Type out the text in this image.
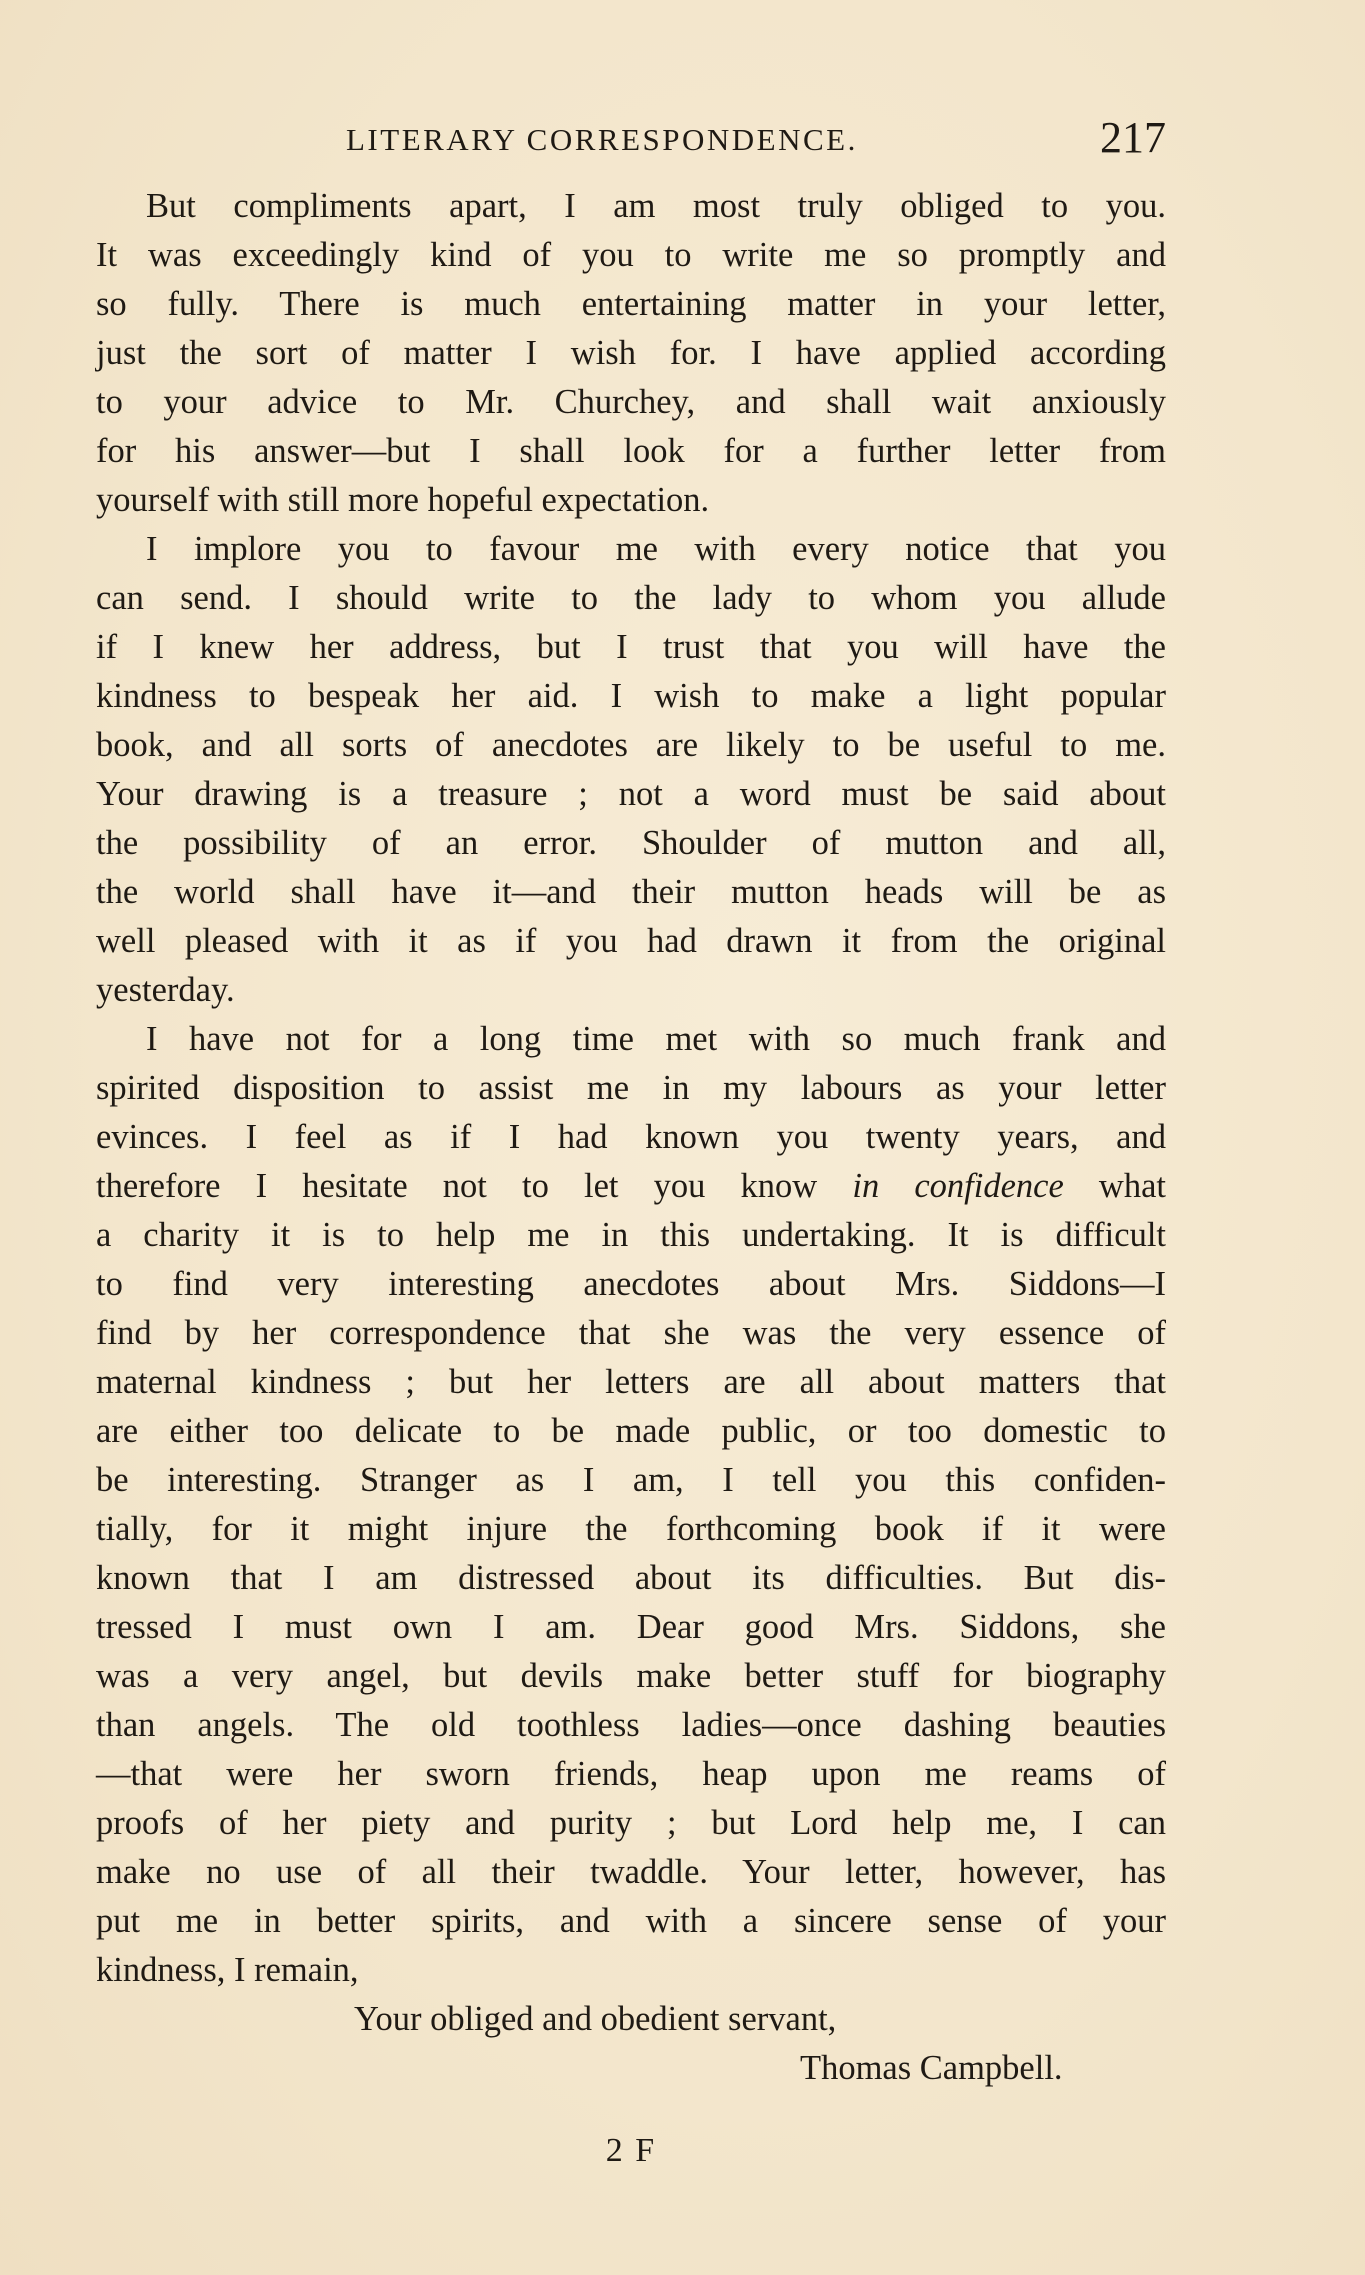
LITERARY CORRESPONDENCE.	217
But compliments apart, I am most truly obliged to you.
It was exceedingly kind of you to write me so promptly and
so fully. There is much entertaining matter in your letter,
just the sort of matter I wish for. I have applied according
to your advice to Mr. Churchey, and shall wait anxiously
for his answer—but I shall look for a further letter from
yourself with still more hopeful expectation.
I implore you to favour me with every notice that you
can send. I should write to the lady to whom you allude
if I knew her address, but I trust that you will have the
kindness to bespeak her aid. I wish to make a light popular
book, and all sorts of anecdotes are likely to be useful to me.
Your drawing is a treasure ; not a word must be said about
the possibility of an error. Shoulder of mutton and all,
the world shall have it—and their mutton heads will be as
well pleased with it as if you had drawn it from the original
yesterday.
I have not for a long time met with so much frank and
spirited disposition to assist me in my labours as your letter
evinces. I feel as if I had known you twenty years, and
therefore I hesitate not to let you know in confidence what
a charity it is to help me in this undertaking. It is difficult
to find very interesting anecdotes about Mrs. Siddons—I
find by her correspondence that she was the very essence of
maternal kindness ; but her letters are all about matters that
are either too delicate to be made public, or too domestic to
be interesting. Stranger as I am, I tell you this confiden-
tially, for it might injure the forthcoming book if it were
known that I am distressed about its difficulties. But dis-
tressed I must own I am. Dear good Mrs. Siddons, she
was a very angel, but devils make better stuff for biography
than angels. The old toothless ladies—once dashing beauties
—that were her sworn friends, heap upon me reams of
proofs of her piety and purity ; but Lord help me, I can
make no use of all their twaddle. Your letter, however, has
put me in better spirits, and with a sincere sense of your
kindness, I remain,
Your obliged and obedient servant,
Thomas Campbell.
2 F
